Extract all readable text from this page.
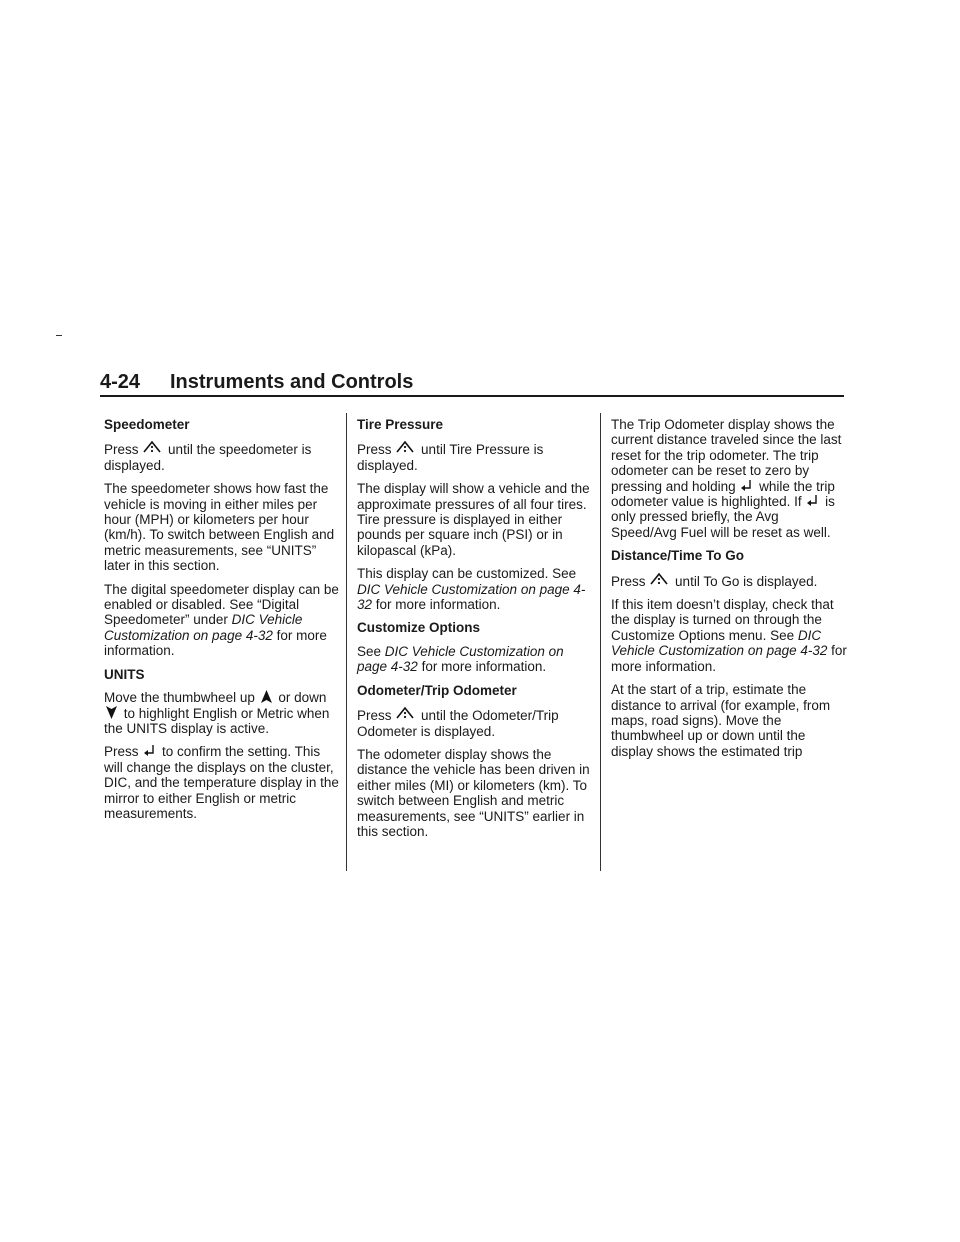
4-24 Instruments and Controls
Speedometer

Press until the speedometer is displayed.

The speedometer shows how fast the vehicle is moving in either miles per hour (MPH) or kilometers per hour (km/h). To switch between English and metric measurements, see “UNITS” later in this section.

The digital speedometer display can be enabled or disabled. See “Digital Speedometer” under DIC Vehicle Customization on page 4-32 for more information.

UNITS

Move the thumbwheel up or down
to highlight English or Metric when the UNITS display is active.

Press to confirm the setting. This will change the displays on the cluster, DIC, and the temperature display in the mirror to either English or metric measurements.

Tire Pressure

Press until Tire Pressure is displayed.

The display will show a vehicle and the approximate pressures of all four tires. Tire pressure is displayed in either pounds per square inch (PSI) or in kilopascal (kPa).

This display can be customized. See DIC Vehicle Customization on page 4-32 for more information.

Customize Options

See DIC Vehicle Customization on page 4-32 for more information.

Odometer/Trip Odometer

Press until the Odometer/Trip Odometer is displayed.

The odometer display shows the distance the vehicle has been driven in either miles (MI) or kilometers (km). To switch between English and metric measurements, see “UNITS” earlier in this section.

The Trip Odometer display shows the current distance traveled since the last reset for the trip odometer. The trip odometer can be reset to zero by pressing and holding while the trip odometer value is highlighted. If is only pressed briefly, the Avg Speed/Avg Fuel will be reset as well.

Distance/Time To Go

Press until To Go is displayed.

If this item doesn’t display, check that the display is turned on through the Customize Options menu. See DIC Vehicle Customization on page 4-32 for more information.

At the start of a trip, estimate the distance to arrival (for example, from maps, road signs). Move the thumbwheel up or down until the display shows the estimated trip
